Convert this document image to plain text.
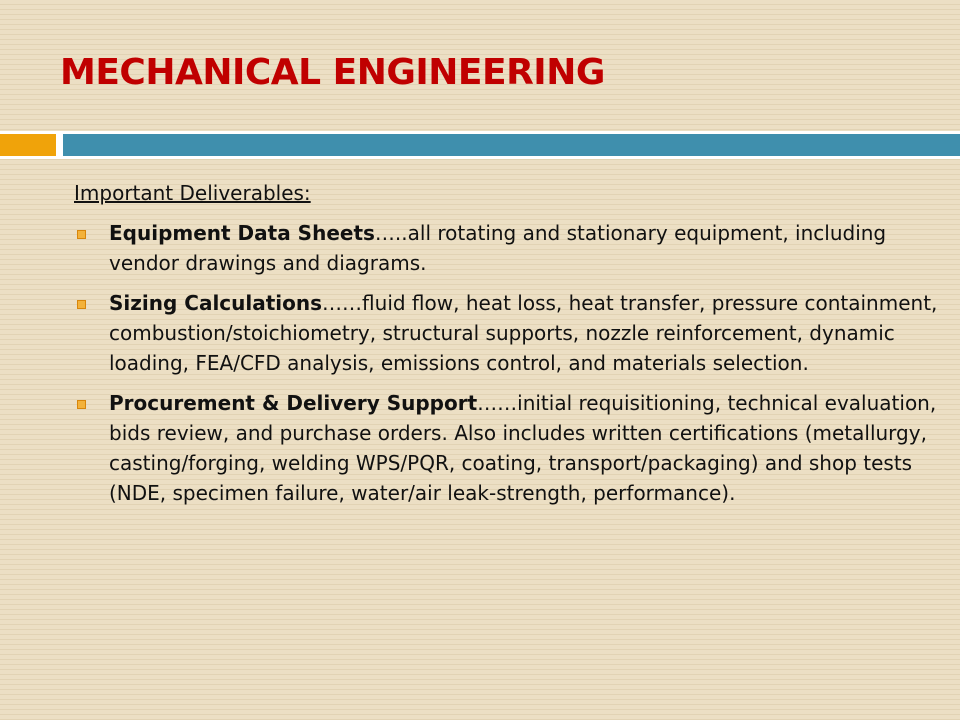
MECHANICAL ENGINEERING
Important Deliverables:
Equipment Data Sheets…..all rotating and stationary equipment, including vendor drawings and diagrams.
Sizing Calculations……fluid flow, heat loss, heat transfer, pressure containment, combustion/stoichiometry, structural supports, nozzle reinforcement, dynamic loading, FEA/CFD analysis, emissions control, and materials selection.
Procurement & Delivery Support……initial requisitioning, technical evaluation, bids review, and purchase orders. Also includes written certifications (metallurgy, casting/forging, welding WPS/PQR, coating, transport/packaging) and shop tests (NDE, specimen failure, water/air leak-strength, performance).
